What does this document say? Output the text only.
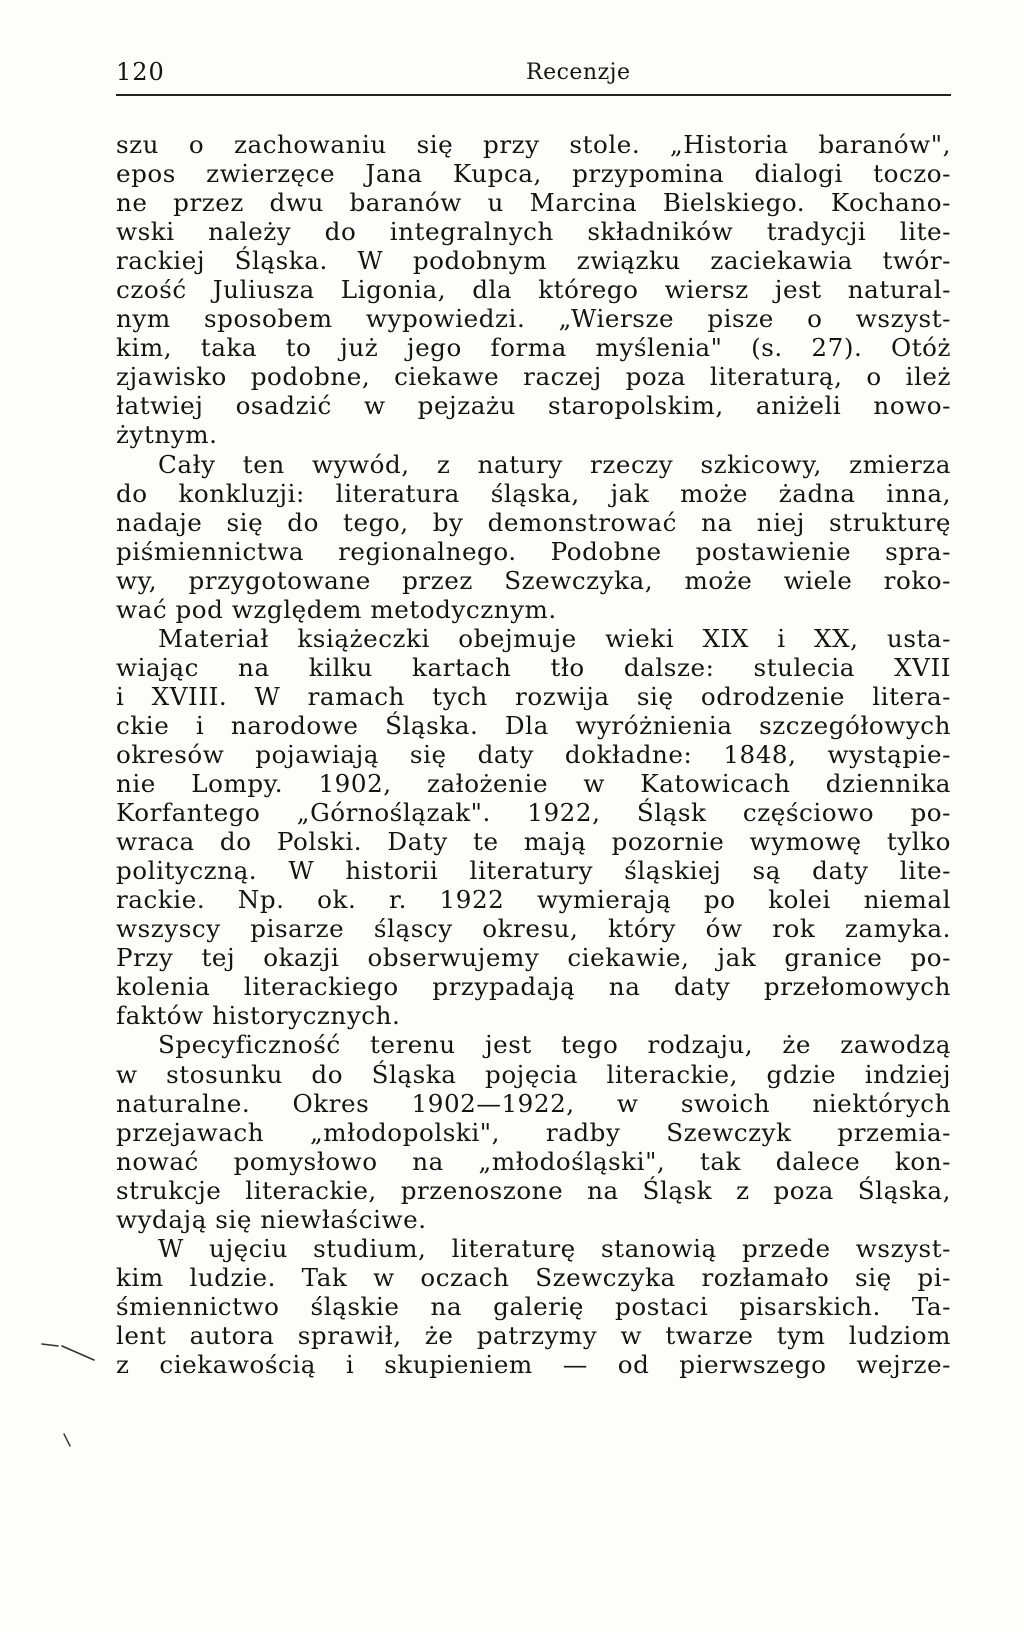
120	Recenzje
szu o zachowaniu się przy stole. „Historia baranów",
epos zwierzęce Jana Kupca, przypomina dialogi toczo-
ne przez dwu baranów u Marcina Bielskiego. Kochano-
wski należy do integralnych składników tradycji lite-
rackiej Śląska. W podobnym związku zaciekawia twór-
czość Juliusza Ligonia, dla którego wiersz jest natural-
nym sposobem wypowiedzi. „Wiersze pisze o wszyst-
kim, taka to już jego forma myślenia" (s. 27). Otóż
zjawisko podobne, ciekawe raczej poza literaturą, o ileż
łatwiej osadzić w pejzażu staropolskim, aniżeli nowo-
żytnym.
Cały ten wywód, z natury rzeczy szkicowy, zmierza
do konkluzji: literatura śląska, jak może żadna inna,
nadaje się do tego, by demonstrować na niej strukturę
piśmiennictwa regionalnego. Podobne postawienie spra-
wy, przygotowane przez Szewczyka, może wiele roko-
wać pod względem metodycznym.
Materiał książeczki obejmuje wieki XIX i XX, usta-
wiając na kilku kartach tło dalsze: stulecia XVII
i XVIII. W ramach tych rozwija się odrodzenie litera-
ckie i narodowe Śląska. Dla wyróżnienia szczegółowych
okresów pojawiają się daty dokładne: 1848, wystąpie-
nie Lompy. 1902, założenie w Katowicach dziennika
Korfantego „Górnoślązak". 1922, Śląsk częściowo po-
wraca do Polski. Daty te mają pozornie wymowę tylko
polityczną. W historii literatury śląskiej są daty lite-
rackie. Np. ok. r. 1922 wymierają po kolei niemal
wszyscy pisarze śląscy okresu, który ów rok zamyka.
Przy tej okazji obserwujemy ciekawie, jak granice po-
kolenia literackiego przypadają na daty przełomowych
faktów historycznych.
Specyficzność terenu jest tego rodzaju, że zawodzą
w stosunku do Śląska pojęcia literackie, gdzie indziej
naturalne. Okres 1902—1922, w swoich niektórych
przejawach „młodopolski", radby Szewczyk przemia-
nować pomysłowo na „młodośląski", tak dalece kon-
strukcje literackie, przenoszone na Śląsk z poza Śląska,
wydają się niewłaściwe.
W ujęciu studium, literaturę stanowią przede wszyst-
kim ludzie. Tak w oczach Szewczyka rozłamało się pi-
śmiennictwo śląskie na galerię postaci pisarskich. Ta-
lent autora sprawił, że patrzymy w twarze tym ludziom
z ciekawością i skupieniem — od pierwszego wejrze-
